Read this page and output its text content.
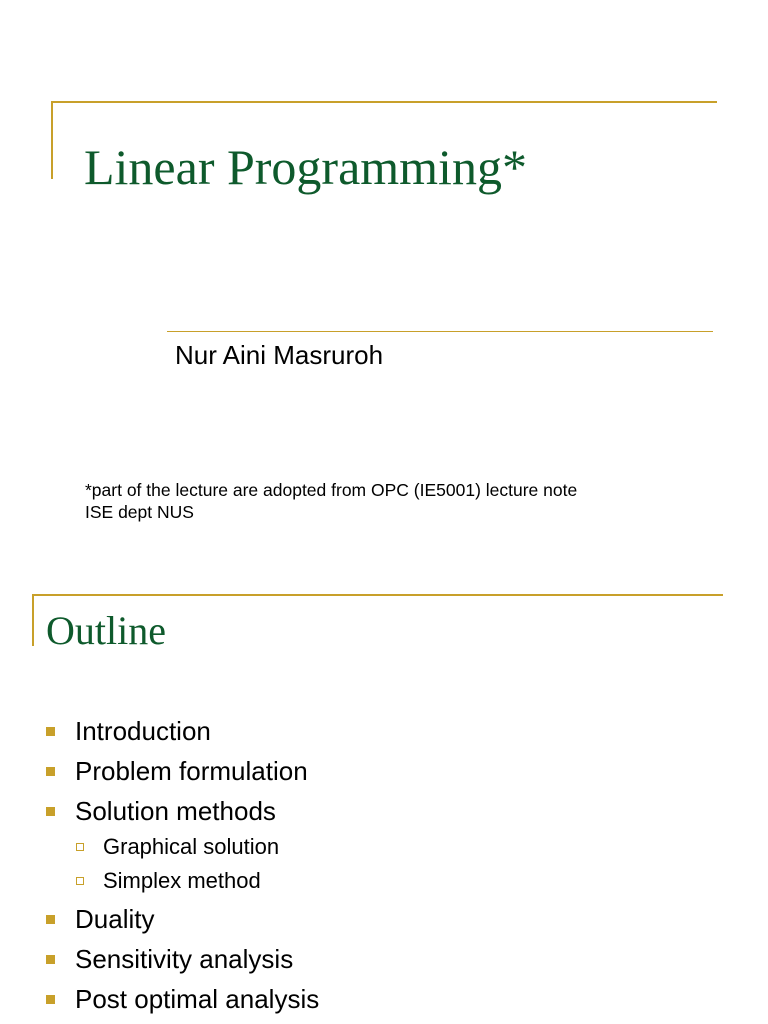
Linear Programming*
Nur Aini Masruroh
*part of the lecture are adopted from OPC (IE5001) lecture note
ISE dept NUS
Outline
Introduction
Problem formulation
Solution methods
Graphical solution
Simplex method
Duality
Sensitivity analysis
Post optimal analysis
